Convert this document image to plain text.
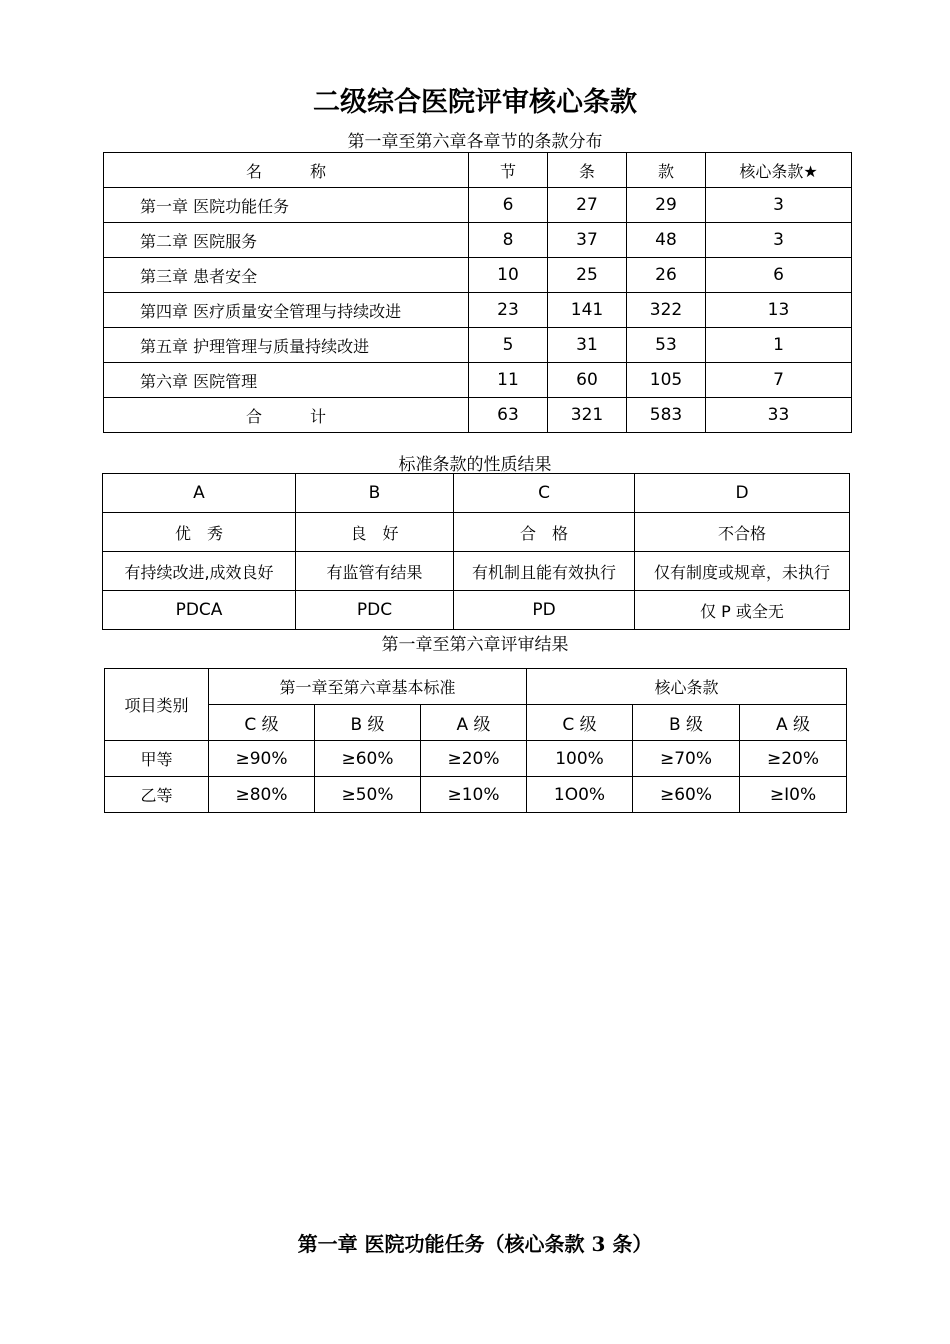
二级综合医院评审核心条款
第一章至第六章各章节的条款分布
名　　　称	节	条	款	核心条款★
第一章 医院功能任务	6	27	29	3
第二章 医院服务	8	37	48	3
第三章 患者安全	10	25	26	6
第四章 医疗质量安全管理与持续改进	23	141	322	13
第五章 护理管理与质量持续改进	5	31	53	1
第六章 医院管理	11	60	105	7
合　　　计	63	321	583	33
标准条款的性质结果
A	B	C	D
优　秀	良　好	合　格	不合格
有持续改进,成效良好	有监管有结果	有机制且能有效执行	仅有制度或规章，未执行
PDCA	PDC	PD	仅 P 或全无
第一章至第六章评审结果
项目类别	第一章至第六章基本标准			核心条款		
	C 级	B 级	A 级	C 级	B 级	A 级
甲等	≥90%	≥60%	≥20%	100%	≥70%	≥20%
乙等	≥80%	≥50%	≥10%	1O0%	≥60%	≥I0%
第一章 医院功能任务（核心条款 3 条）
